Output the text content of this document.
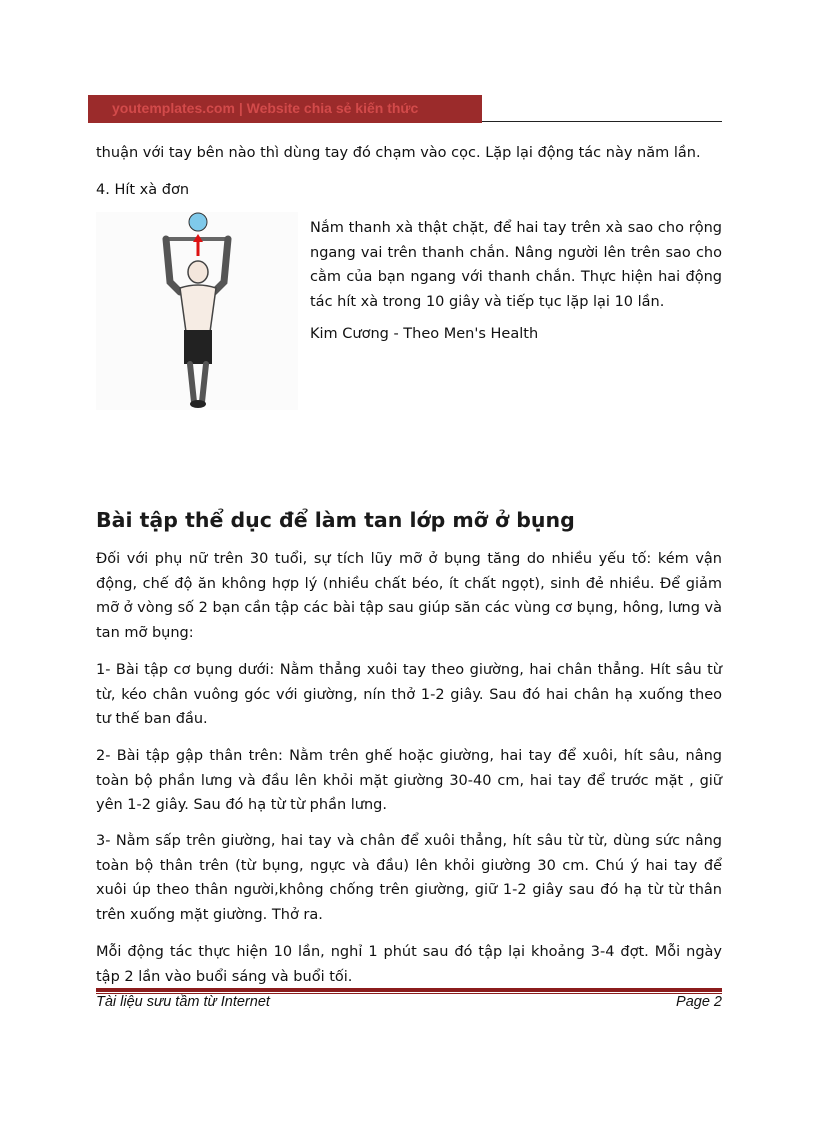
youtemplates.com | Website chia sẻ kiến thức
thuận với tay bên nào thì dùng tay đó chạm vào cọc. Lặp lại động tác này năm lần.
4. Hít xà đơn
Nắm thanh xà thật chặt, để hai tay trên xà sao cho rộng ngang vai trên thanh chắn. Nâng người lên trên sao cho cằm của bạn ngang với thanh chắn. Thực hiện hai động tác hít xà trong 10 giây và tiếp tục lặp lại 10 lần.
Kim Cương - Theo Men's Health
Bài tập thể dục để làm tan lớp mỡ ở bụng
Đối với phụ nữ trên 30 tuổi, sự tích lũy mỡ ở bụng tăng do nhiều yếu tố: kém vận động, chế độ ăn không hợp lý (nhiều chất béo, ít chất ngọt), sinh đẻ nhiều. Để giảm mỡ ở vòng số 2 bạn cần tập các bài tập sau giúp săn các vùng cơ bụng, hông, lưng và tan mỡ bụng:
1- Bài tập cơ bụng dưới: Nằm thẳng xuôi tay theo giường, hai chân thẳng. Hít sâu từ từ, kéo chân vuông góc với giường, nín thở 1-2 giây. Sau đó hai chân hạ xuống theo tư thế ban đầu.
2- Bài tập gập thân trên: Nằm trên ghế hoặc giường, hai tay để xuôi, hít sâu, nâng toàn bộ phần lưng và đầu lên khỏi mặt giường 30-40 cm, hai tay để trước mặt , giữ yên 1-2 giây. Sau đó hạ từ từ phần lưng.
3- Nằm sấp trên giường, hai tay và chân để xuôi thẳng, hít sâu từ từ, dùng sức nâng toàn bộ thân trên (từ bụng, ngực và đầu) lên khỏi giường 30 cm. Chú ý hai tay để xuôi úp theo thân người,không chống trên giường, giữ 1-2 giây sau đó hạ từ từ thân trên xuống mặt giường. Thở ra.
Mỗi động tác thực hiện 10 lần, nghỉ 1 phút sau đó tập lại khoảng 3-4 đợt. Mỗi ngày tập 2 lần vào buổi sáng và buổi tối.
Tài liệu sưu tầm từ Internet	Page 2
